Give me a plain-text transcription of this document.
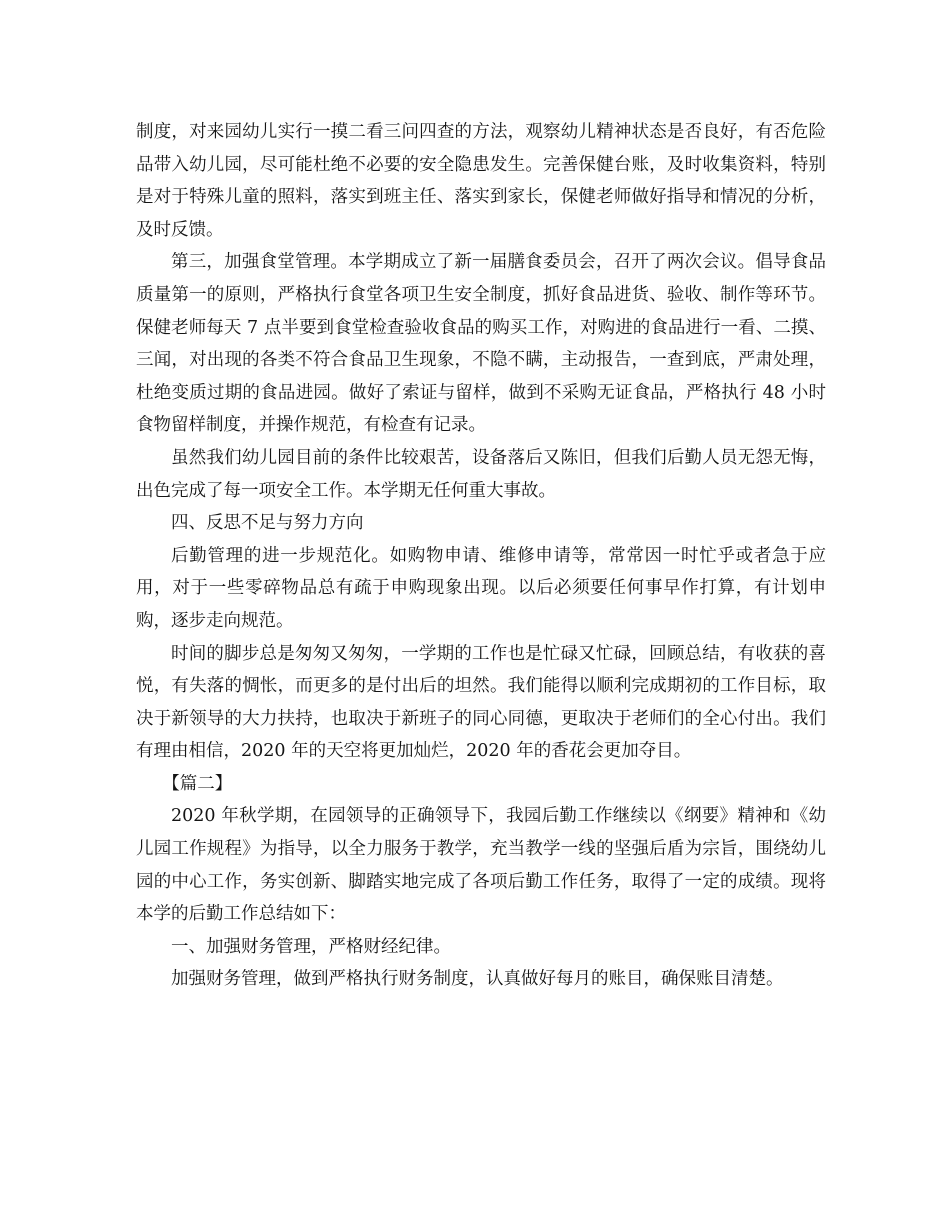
制度，对来园幼儿实行一摸二看三问四查的方法，观察幼儿精神状态是否良好，有否危险品带入幼儿园，尽可能杜绝不必要的安全隐患发生。完善保健台账，及时收集资料，特别是对于特殊儿童的照料，落实到班主任、落实到家长，保健老师做好指导和情况的分析，及时反馈。

第三，加强食堂管理。本学期成立了新一届膳食委员会，召开了两次会议。倡导食品质量第一的原则，严格执行食堂各项卫生安全制度，抓好食品进货、验收、制作等环节。保健老师每天 7 点半要到食堂检查验收食品的购买工作，对购进的食品进行一看、二摸、三闻，对出现的各类不符合食品卫生现象，不隐不瞒，主动报告，一查到底，严肃处理，杜绝变质过期的食品进园。做好了索证与留样，做到不采购无证食品，严格执行 48 小时食物留样制度，并操作规范，有检查有记录。

虽然我们幼儿园目前的条件比较艰苦，设备落后又陈旧，但我们后勤人员无怨无悔，出色完成了每一项安全工作。本学期无任何重大事故。

四、反思不足与努力方向

后勤管理的进一步规范化。如购物申请、维修申请等，常常因一时忙乎或者急于应用，对于一些零碎物品总有疏于申购现象出现。以后必须要任何事早作打算，有计划申购，逐步走向规范。

时间的脚步总是匆匆又匆匆，一学期的工作也是忙碌又忙碌，回顾总结，有收获的喜悦，有失落的惆怅，而更多的是付出后的坦然。我们能得以顺利完成期初的工作目标，取决于新领导的大力扶持，也取决于新班子的同心同德，更取决于老师们的全心付出。我们有理由相信，2020 年的天空将更加灿烂，2020 年的香花会更加夺目。

【篇二】

2020 年秋学期，在园领导的正确领导下，我园后勤工作继续以《纲要》精神和《幼儿园工作规程》为指导，以全力服务于教学，充当教学一线的坚强后盾为宗旨，围绕幼儿园的中心工作，务实创新、脚踏实地完成了各项后勤工作任务，取得了一定的成绩。现将本学的后勤工作总结如下：

一、加强财务管理，严格财经纪律。

加强财务管理，做到严格执行财务制度，认真做好每月的账目，确保账目清楚。
